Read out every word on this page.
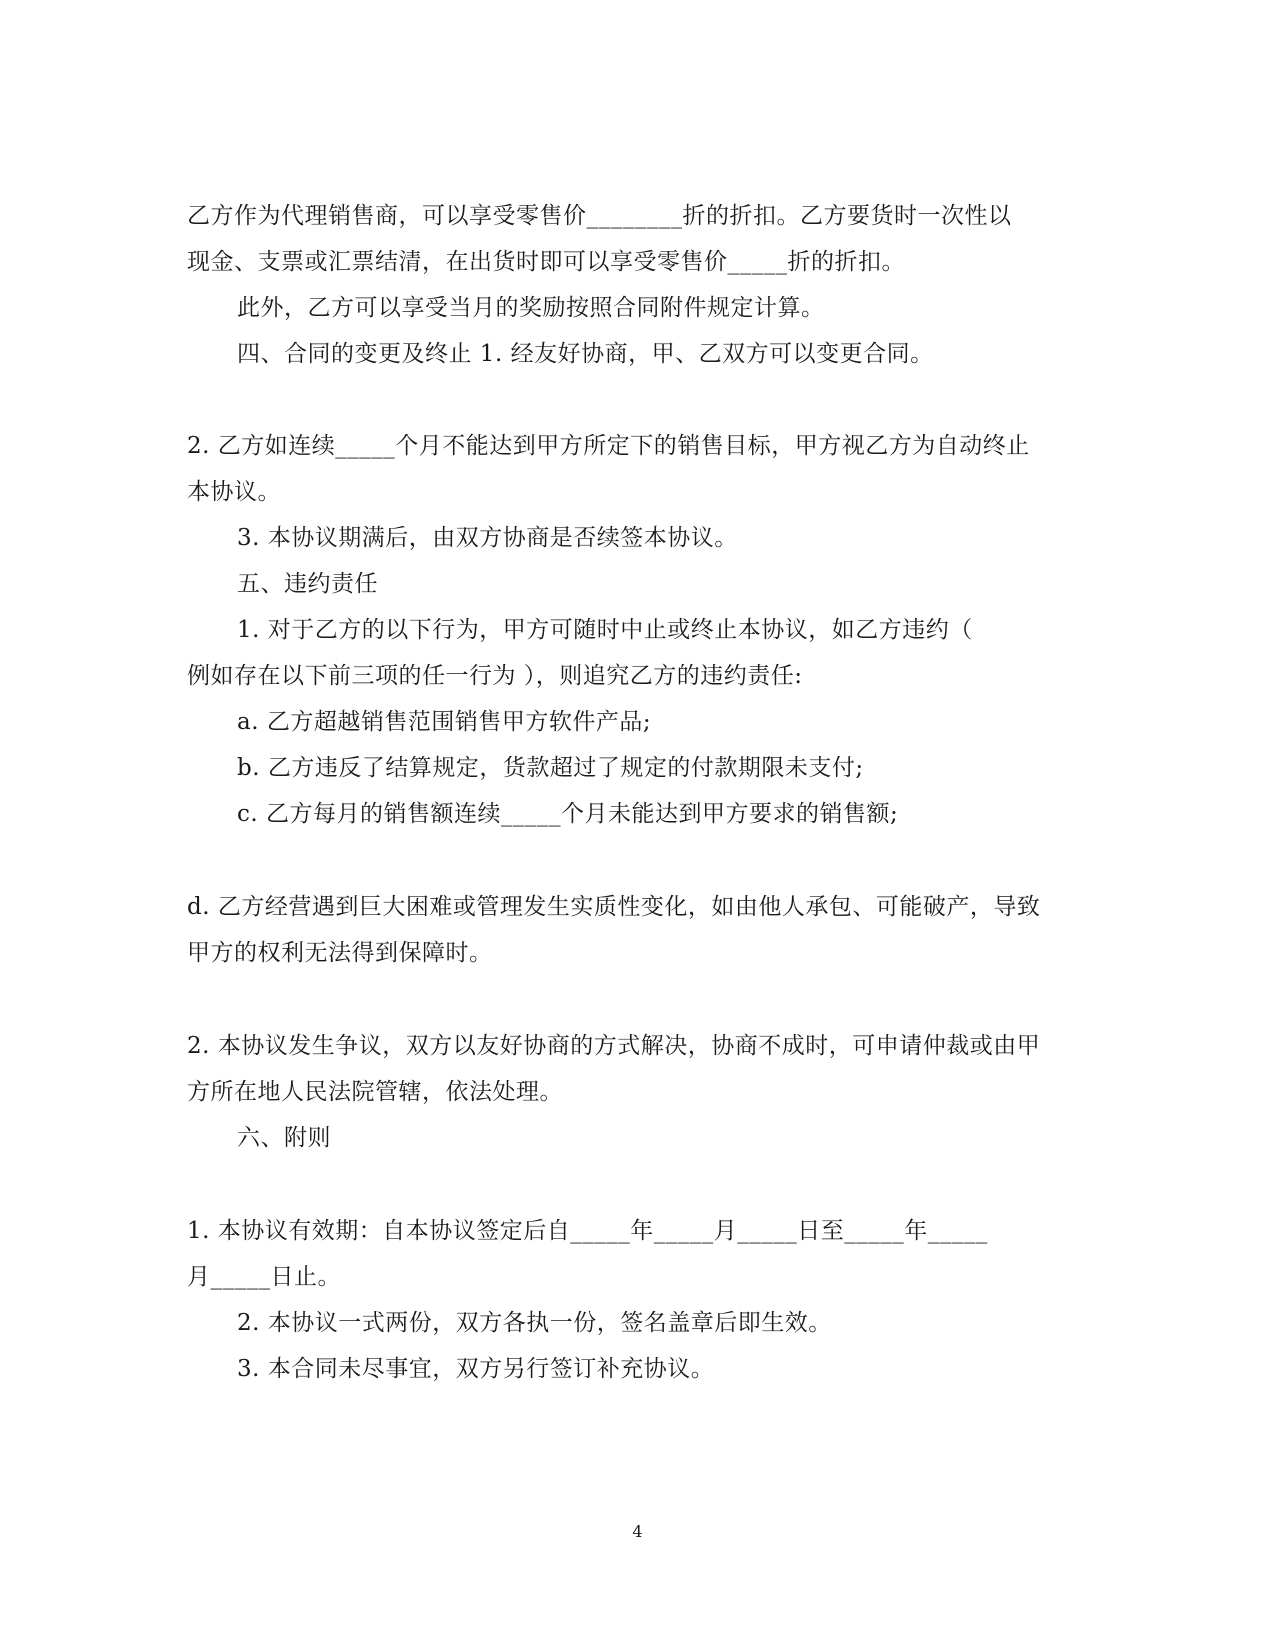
乙方作为代理销售商，可以享受零售价________折的折扣。乙方要货时一次性以
现金、支票或汇票结清，在出货时即可以享受零售价_____折的折扣。
此外，乙方可以享受当月的奖励按照合同附件规定计算。
四、合同的变更及终止 1. 经友好协商，甲、乙双方可以变更合同。
2. 乙方如连续_____个月不能达到甲方所定下的销售目标，甲方视乙方为自动终止
本协议。
3. 本协议期满后，由双方协商是否续签本协议。
五、违约责任
1. 对于乙方的以下行为，甲方可随时中止或终止本协议，如乙方违约（
例如存在以下前三项的任一行为 ），则追究乙方的违约责任:
a. 乙方超越销售范围销售甲方软件产品;
b. 乙方违反了结算规定，货款超过了规定的付款期限未支付;
c. 乙方每月的销售额连续_____个月未能达到甲方要求的销售额;
d. 乙方经营遇到巨大困难或管理发生实质性变化，如由他人承包、可能破产，导致
甲方的权利无法得到保障时。
2. 本协议发生争议，双方以友好协商的方式解决，协商不成时，可申请仲裁或由甲
方所在地人民法院管辖，依法处理。
六、附则
1. 本协议有效期：自本协议签定后自_____年_____月_____日至_____年_____
月_____日止。
2. 本协议一式两份，双方各执一份，签名盖章后即生效。
3. 本合同未尽事宜，双方另行签订补充协议。
4
